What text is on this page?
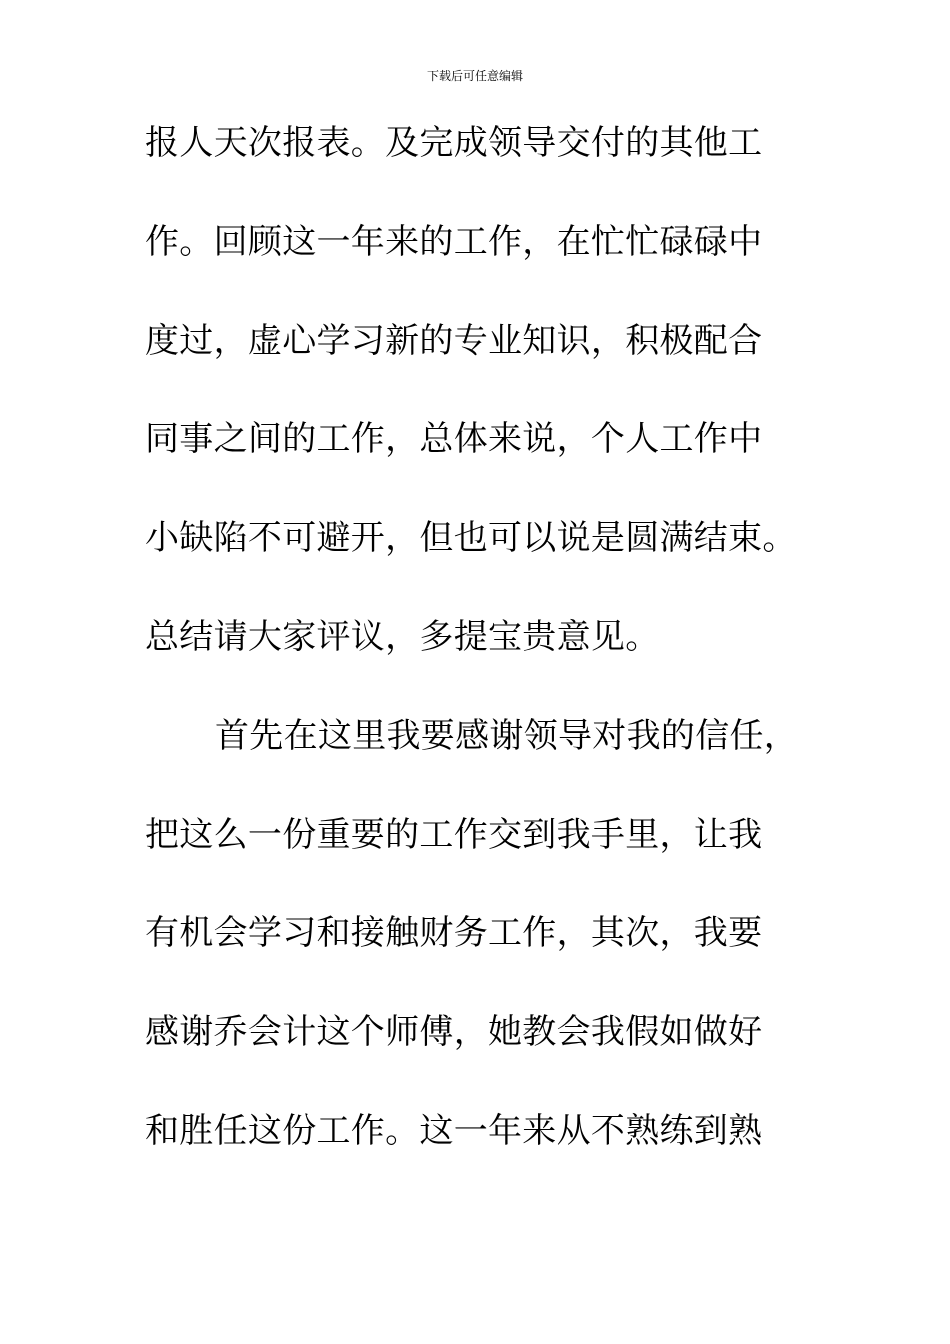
下载后可任意编辑
报人天次报表。及完成领导交付的其他工
作。回顾这一年来的工作，在忙忙碌碌中
度过，虚心学习新的专业知识，积极配合
同事之间的工作，总体来说，个人工作中
小缺陷不可避开，但也可以说是圆满结束。
总结请大家评议，多提宝贵意见。
首先在这里我要感谢领导对我的信任，
把这么一份重要的工作交到我手里，让我
有机会学习和接触财务工作，其次，我要
感谢乔会计这个师傅，她教会我假如做好
和胜任这份工作。这一年来从不熟练到熟
